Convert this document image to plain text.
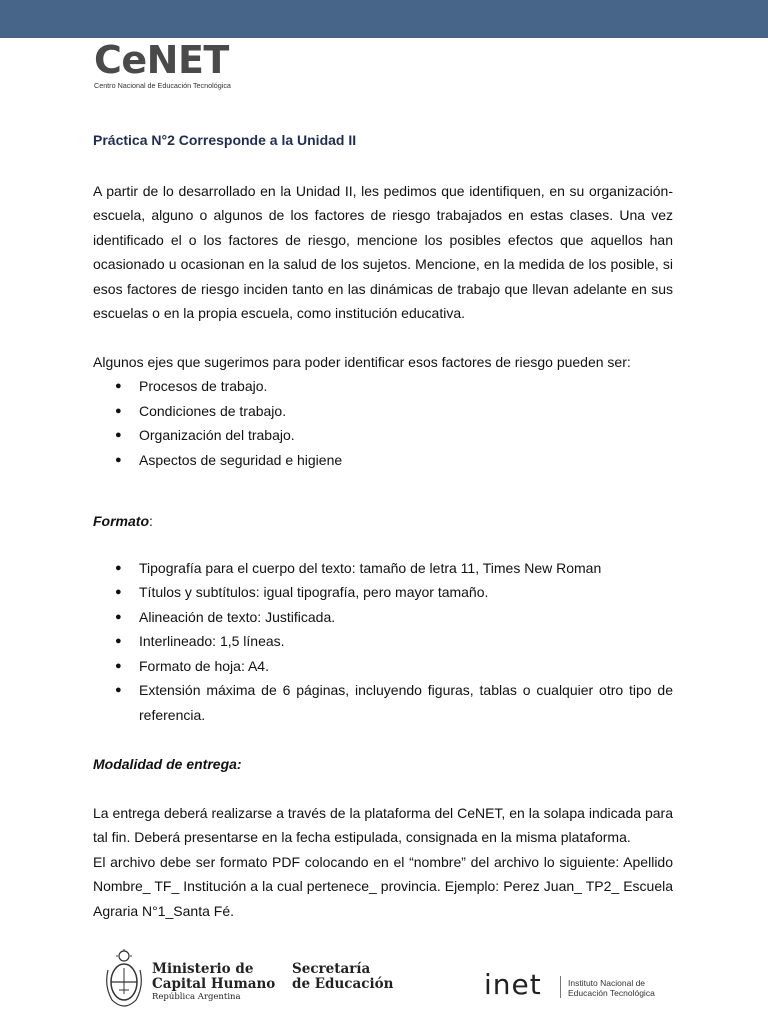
CeNET
Centro Nacional de Educación Tecnológica
Práctica N°2 Corresponde a la Unidad II

A partir de lo desarrollado en la Unidad II, les pedimos que identifiquen, en su organización-escuela, alguno o algunos de los factores de riesgo trabajados en estas clases. Una vez identificado el o los factores de riesgo, mencione los posibles efectos que aquellos han ocasionado u ocasionan en la salud de los sujetos. Mencione, en la medida de los posible, si esos factores de riesgo inciden tanto en las dinámicas de trabajo que llevan adelante en sus escuelas o en la propia escuela, como institución educativa.

Algunos ejes que sugerimos para poder identificar esos factores de riesgo pueden ser:

● Procesos de trabajo.
● Condiciones de trabajo.
● Organización del trabajo.
● Aspectos de seguridad e higiene

Formato:

● Tipografía para el cuerpo del texto: tamaño de letra 11, Times New Roman
● Títulos y subtítulos: igual tipografía, pero mayor tamaño.
● Alineación de texto: Justificada.
● Interlineado: 1,5 líneas.
● Formato de hoja: A4.
● Extensión máxima de 6 páginas, incluyendo figuras, tablas o cualquier otro tipo de referencia.

Modalidad de entrega:

La entrega deberá realizarse a través de la plataforma del CeNET, en la solapa indicada para tal fin. Deberá presentarse en la fecha estipulada, consignada en la misma plataforma.

El archivo debe ser formato PDF colocando en el “nombre” del archivo lo siguiente: Apellido Nombre_ TF_ Institución a la cual pertenece_ provincia. Ejemplo: Perez Juan_ TP2_ Escuela Agraria N°1_Santa Fé.

Ministerio de
Capital Humano
República Argentina
Secretaría
de Educación	inet	Instituto Nacional de
Educación Tecnológica
